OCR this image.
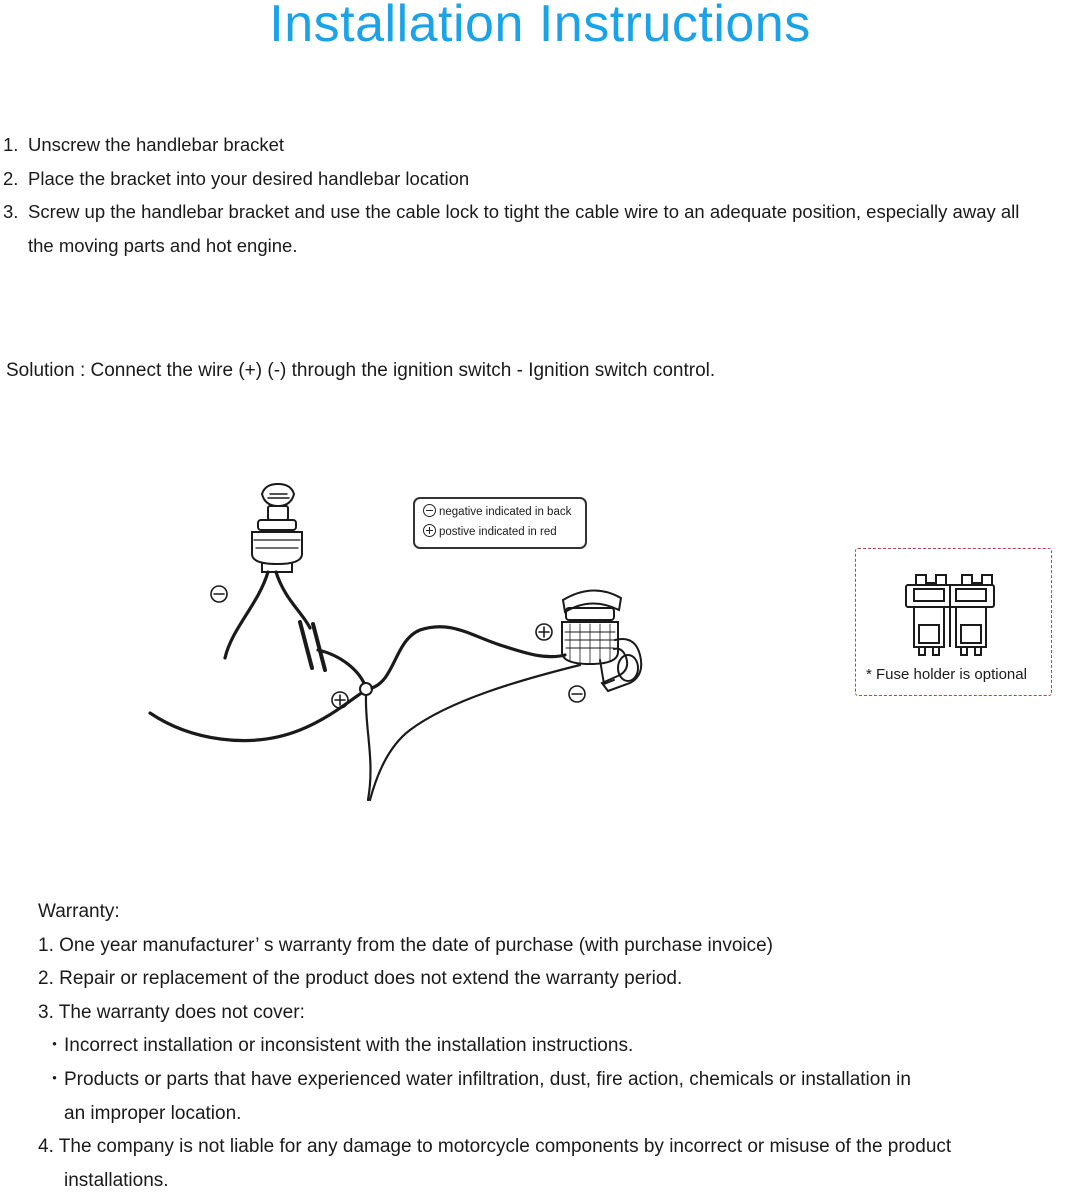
Installation Instructions
1. Unscrew the handlebar bracket
2. Place the bracket into your desired handlebar location
3. Screw up the handlebar bracket and use the cable lock to tight the cable wire to an adequate position, especially away all
the moving parts and hot engine.
Solution : Connect the wire (+) (-) through the ignition switch - Ignition switch control.
negative indicated in back
postive indicated in red
* Fuse holder is optional
Warranty:
1. One year manufacturer’ s warranty from the date of purchase (with purchase invoice)
2. Repair or replacement of the product does not extend the warranty period.
3. The warranty does not cover:
・ Incorrect installation or inconsistent with the installation instructions.
・ Products or parts that have experienced water infiltration, dust, fire action, chemicals or installation in
an improper location.
4. The company is not liable for any damage to motorcycle components by incorrect or misuse of the product
installations.
